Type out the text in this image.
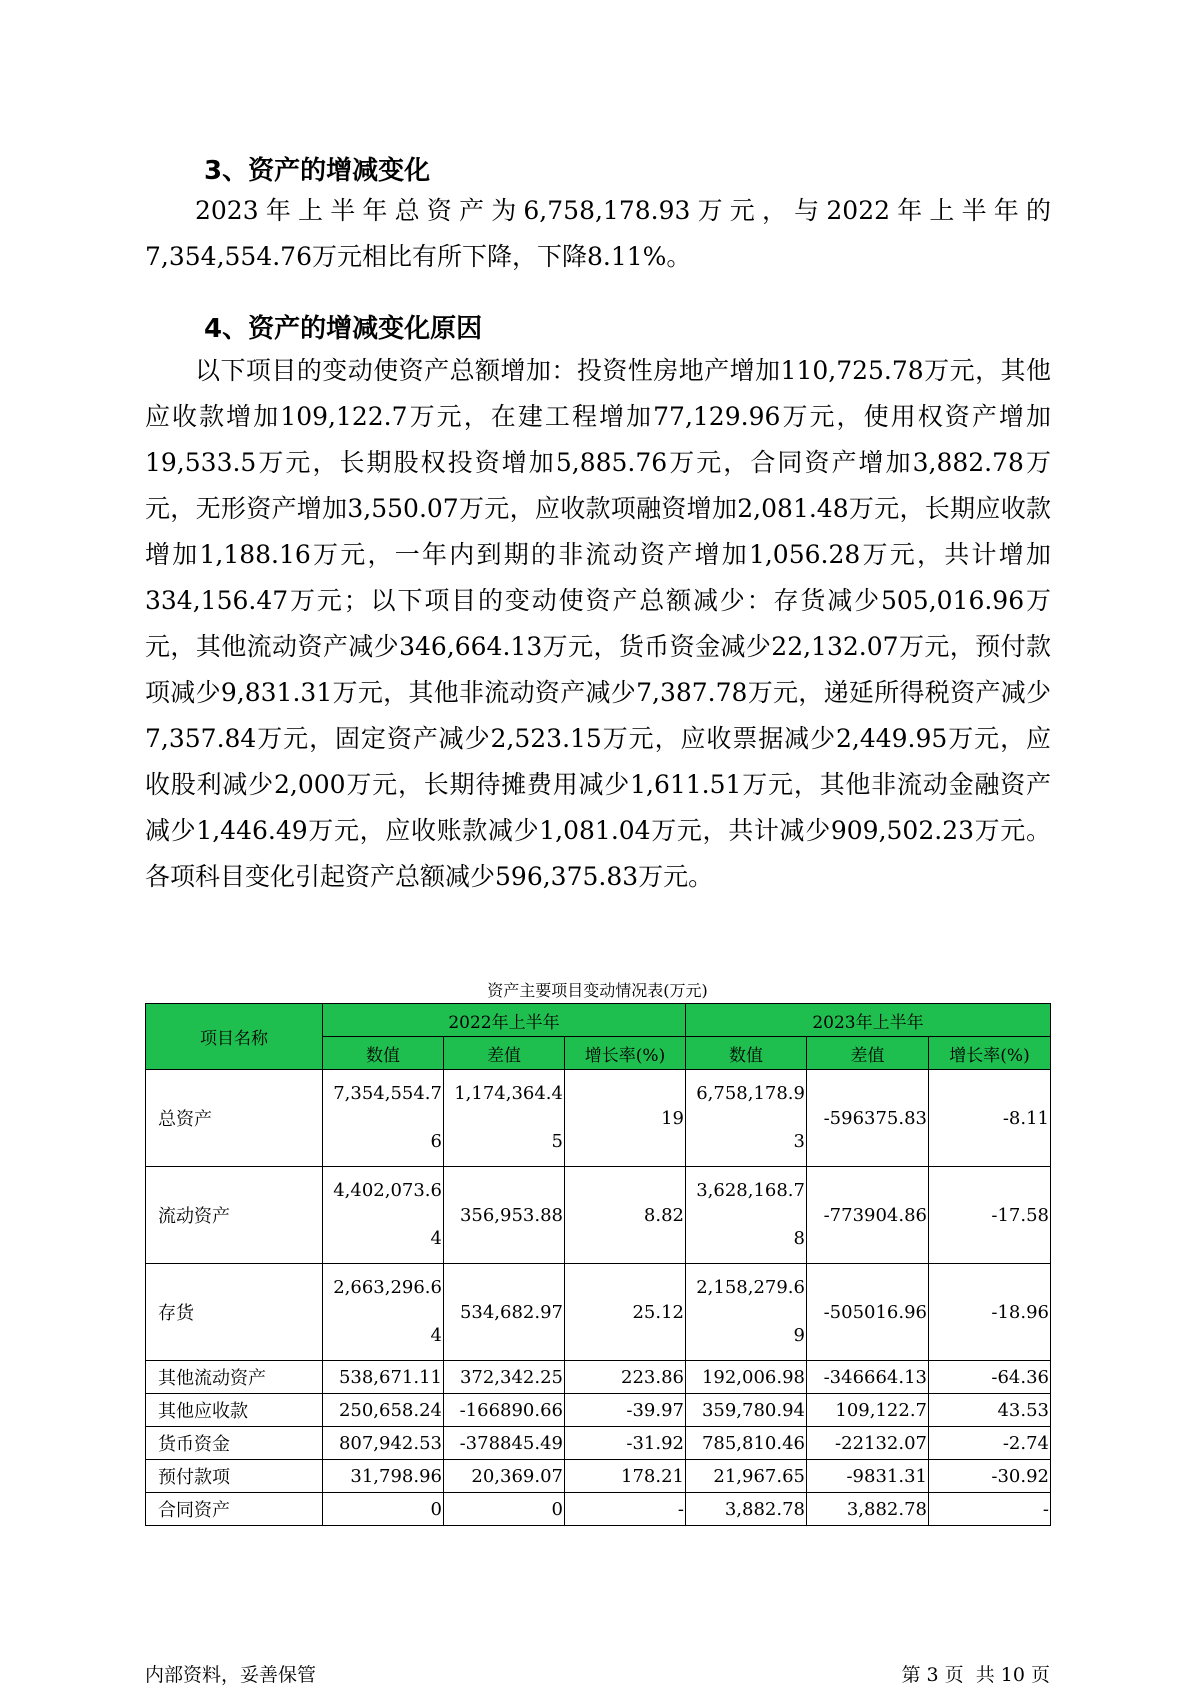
3、资产的增减变化

2023年上半年总资产为6,758,178.93万元，与2022年上半年的7,354,554.76万元相比有所下降，下降8.11%。

4、资产的增减变化原因

以下项目的变动使资产总额增加：投资性房地产增加110,725.78万元，其他应收款增加109,122.7万元，在建工程增加77,129.96万元，使用权资产增加19,533.5万元，长期股权投资增加5,885.76万元，合同资产增加3,882.78万元，无形资产增加3,550.07万元，应收款项融资增加2,081.48万元，长期应收款增加1,188.16万元，一年内到期的非流动资产增加1,056.28万元，共计增加334,156.47万元；以下项目的变动使资产总额减少：存货减少505,016.96万元，其他流动资产减少346,664.13万元，货币资金减少22,132.07万元，预付款项减少9,831.31万元，其他非流动资产减少7,387.78万元，递延所得税资产减少7,357.84万元，固定资产减少2,523.15万元，应收票据减少2,449.95万元，应收股利减少2,000万元，长期待摊费用减少1,611.51万元，其他非流动金融资产减少1,446.49万元，应收账款减少1,081.04万元，共计减少909,502.23万元。各项科目变化引起资产总额减少596,375.83万元。

资产主要项目变动情况表(万元)
项目名称	2022年上半年			2023年上半年		
	数值	差值	增长率(%)	数值	差值	增长率(%)
总资产	7,354,554.76	1,174,364.45	19	6,758,178.93	-596375.83	-8.11
流动资产	4,402,073.64	356,953.88	8.82	3,628,168.78	-773904.86	-17.58
存货	2,663,296.64	534,682.97	25.12	2,158,279.69	-505016.96	-18.96
其他流动资产	538,671.11	372,342.25	223.86	192,006.98	-346664.13	-64.36
其他应收款	250,658.24	-166890.66	-39.97	359,780.94	109,122.7	43.53
货币资金	807,942.53	-378845.49	-31.92	785,810.46	-22132.07	-2.74
预付款项	31,798.96	20,369.07	178.21	21,967.65	-9831.31	-30.92
合同资产	0	0	-	3,882.78	3,882.78	-
内部资料，妥善保管	第 3 页  共 10 页
